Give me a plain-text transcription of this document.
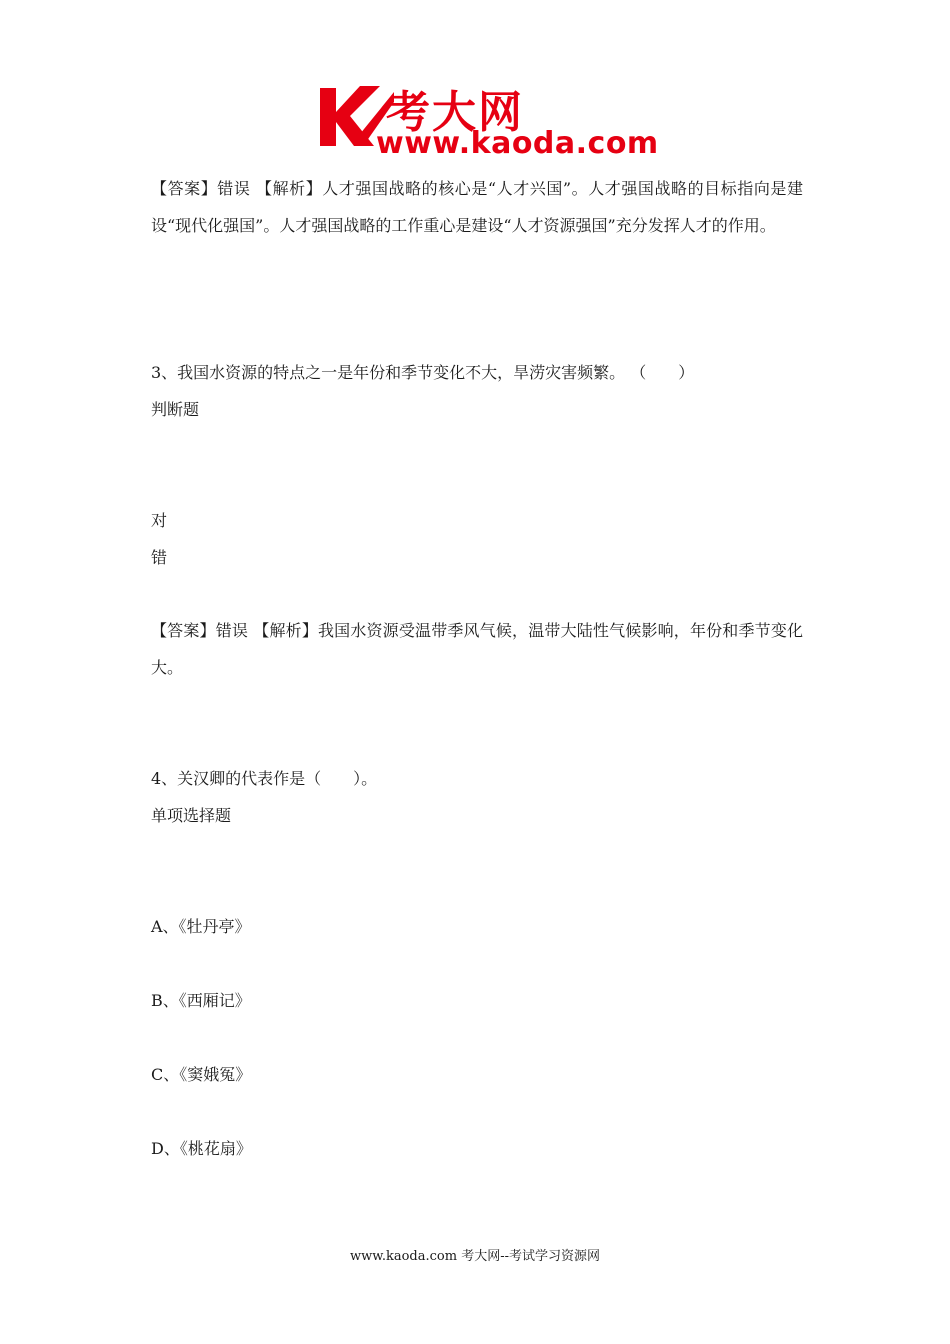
考大网
www.kaoda.com
【答案】错误 【解析】人才强国战略的核心是“人才兴国”。人才强国战略的目标指向是建设“现代化强国”。人才强国战略的工作重心是建设“人才资源强国”充分发挥人才的作用。
3、我国水资源的特点之一是年份和季节变化不大，旱涝灾害频繁。 （　　）
判断题
对
错
【答案】错误 【解析】我国水资源受温带季风气候，温带大陆性气候影响，年份和季节变化大。
4、关汉卿的代表作是（　　）。
单项选择题
A、《牡丹亭》
B、《西厢记》
C、《窦娥冤》
D、《桃花扇》
www.kaoda.com 考大网--考试学习资源网
